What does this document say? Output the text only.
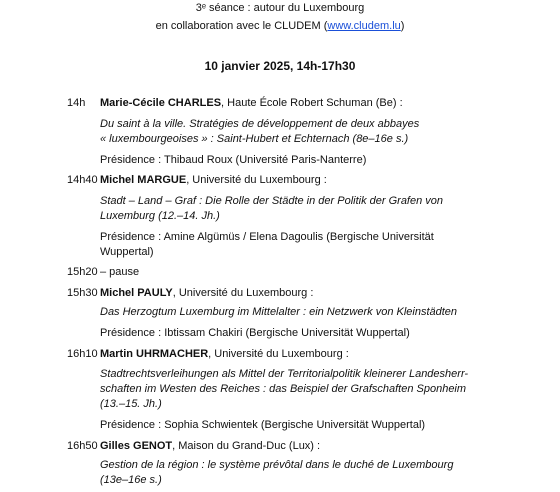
3ᵉ séance : autour du Luxembourg
en collaboration avec le CLUDEM (www.cludem.lu)
10 janvier 2025, 14h-17h30
14h Marie-Cécile CHARLES, Haute École Robert Schuman (Be) :
Du saint à la ville. Stratégies de développement de deux abbayes
« luxembourgeoises » : Saint-Hubert et Echternach (8e–16e s.)
Présidence : Thibaud Roux (Université Paris-Nanterre)
14h40 Michel MARGUE, Université du Luxembourg :
Stadt – Land – Graf : Die Rolle der Städte in der Politik der Grafen von
Luxemburg (12.–14. Jh.)
Présidence : Amine Algümüs / Elena Dagoulis (Bergische Universität
Wuppertal)
15h20 – pause
15h30 Michel PAULY, Université du Luxembourg :
Das Herzogtum Luxemburg im Mittelalter : ein Netzwerk von Kleinstädten
Présidence : Ibtissam Chakiri (Bergische Universität Wuppertal)
16h10 Martin UHRMACHER, Université du Luxembourg :
Stadtrechtsverleihungen als Mittel der Territorialpolitik kleinerer Landesherr-
schaften im Westen des Reiches : das Beispiel der Grafschaften Sponheim
(13.–15. Jh.)
Présidence : Sophia Schwientek (Bergische Universität Wuppertal)
16h50 Gilles GENOT, Maison du Grand-Duc (Lux) :
Gestion de la région : le système prévôtal dans le duché de Luxembourg
(13e–16e s.)
